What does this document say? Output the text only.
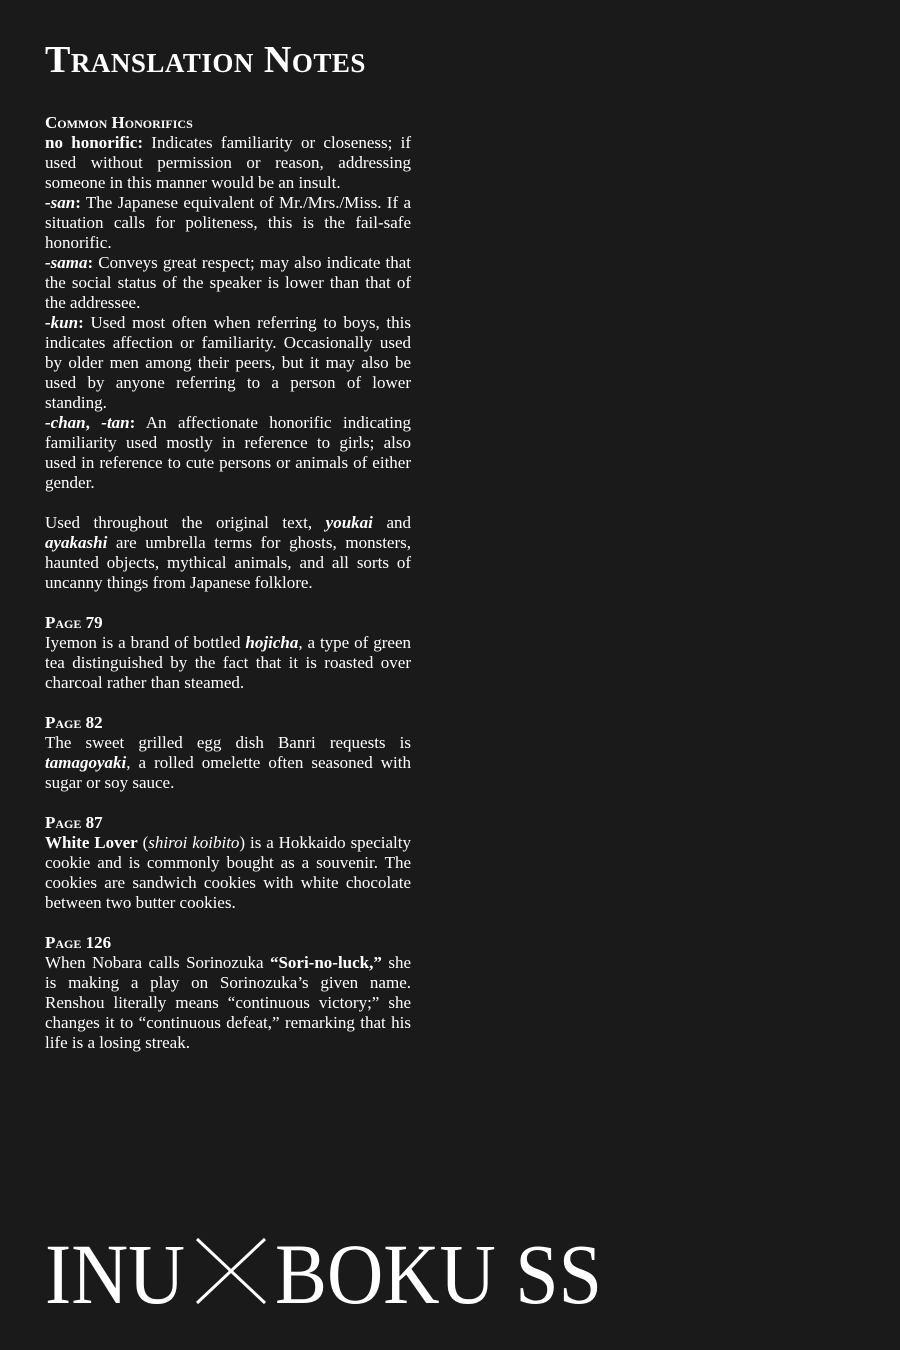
Translation Notes
Common Honorifics

no honorific: Indicates familiarity or closeness; if used without permission or reason, addressing someone in this manner would be an insult.

-san: The Japanese equivalent of Mr./Mrs./Miss. If a situation calls for politeness, this is the fail-safe honorific.

-sama: Conveys great respect; may also indicate that the social status of the speaker is lower than that of the addressee.

-kun: Used most often when referring to boys, this indicates affection or familiarity. Occasionally used by older men among their peers, but it may also be used by anyone referring to a person of lower standing.

-chan, -tan: An affectionate honorific indicating familiarity used mostly in reference to girls; also used in reference to cute persons or animals of either gender.

Used throughout the original text, youkai and ayakashi are umbrella terms for ghosts, monsters, haunted objects, mythical animals, and all sorts of uncanny things from Japanese folklore.

Page 79

Iyemon is a brand of bottled hojicha, a type of green tea distinguished by the fact that it is roasted over charcoal rather than steamed.

Page 82

The sweet grilled egg dish Banri requests is tamagoyaki, a rolled omelette often seasoned with sugar or soy sauce.

Page 87

White Lover (shiroi koibito) is a Hokkaido specialty cookie and is commonly bought as a souvenir. The cookies are sandwich cookies with white chocolate between two butter cookies.

Page 126

When Nobara calls Sorinozuka “Sori-no-luck,” she is making a play on Sorinozuka’s given name. Renshou literally means “continuous victory;” she changes it to “continuous defeat,” remarking that his life is a losing streak.

INU BOKU SS
